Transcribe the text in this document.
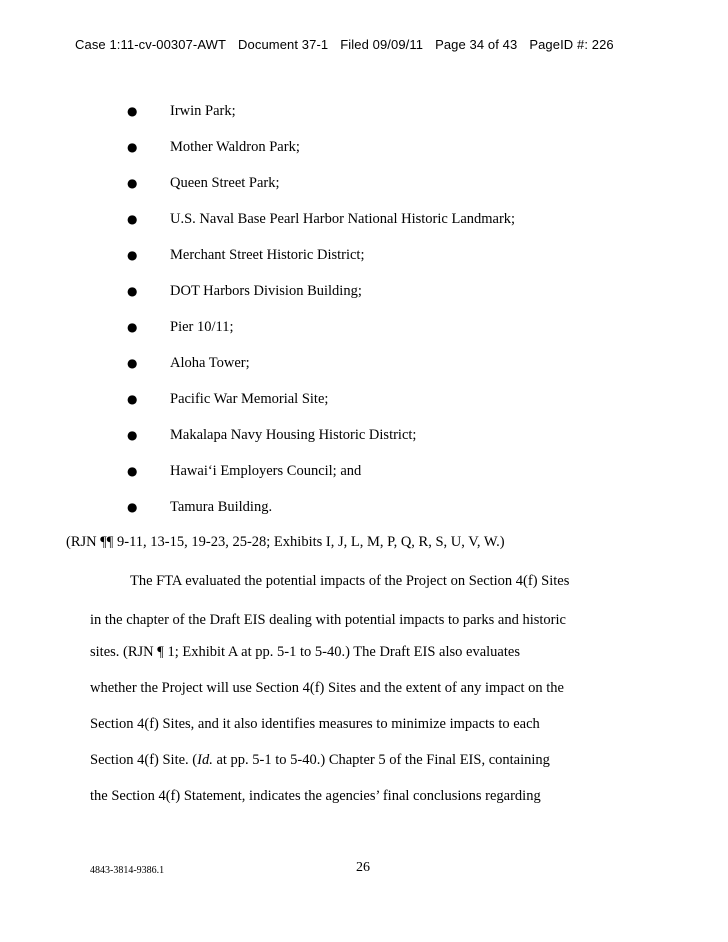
Case 1:11-cv-00307-AWT Document 37-1 Filed 09/09/11 Page 34 of 43 PageID #: 226
● Irwin Park;
● Mother Waldron Park;
● Queen Street Park;
● U.S. Naval Base Pearl Harbor National Historic Landmark;
● Merchant Street Historic District;
● DOT Harbors Division Building;
● Pier 10/11;
● Aloha Tower;
● Pacific War Memorial Site;
● Makalapa Navy Housing Historic District;
● Hawai‘i Employers Council; and
● Tamura Building.
(RJN ¶¶ 9-11, 13-15, 19-23, 25-28; Exhibits I, J, L, M, P, Q, R, S, U, V, W.)
The FTA evaluated the potential impacts of the Project on Section 4(f) Sites
in the chapter of the Draft EIS dealing with potential impacts to parks and historic
sites. (RJN ¶ 1; Exhibit A at pp. 5-1 to 5-40.) The Draft EIS also evaluates
whether the Project will use Section 4(f) Sites and the extent of any impact on the
Section 4(f) Sites, and it also identifies measures to minimize impacts to each
Section 4(f) Site. (Id. at pp. 5-1 to 5-40.) Chapter 5 of the Final EIS, containing
the Section 4(f) Statement, indicates the agencies’ final conclusions regarding
4843-3814-9386.1	26
